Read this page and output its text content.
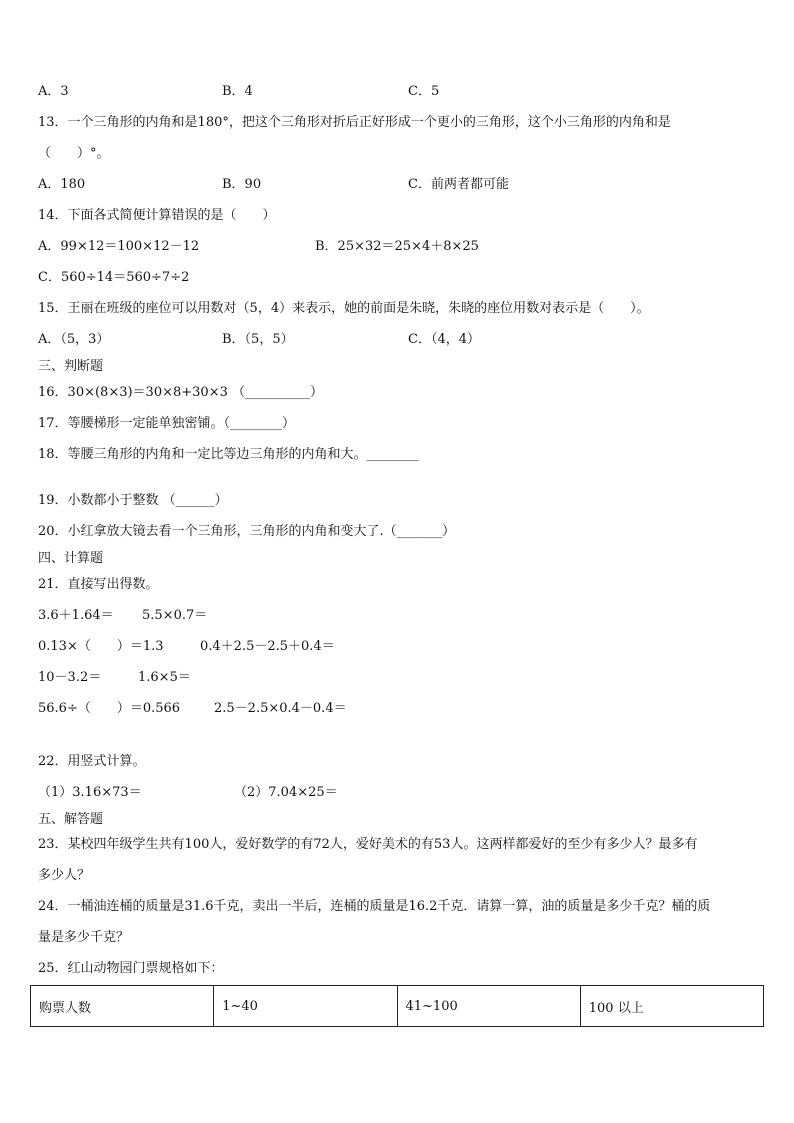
A．3	B．4	C．5
13．一个三角形的内角和是180°，把这个三角形对折后正好形成一个更小的三角形，这个小三角形的内角和是
（　　）°。
A．180	B．90	C．前两者都可能
14．下面各式简便计算错误的是（　　）
A．99×12＝100×12－12	B．25×32＝25×4＋8×25
C．560÷14＝560÷7÷2
15．王丽在班级的座位可以用数对（5，4）来表示，她的前面是朱晓，朱晓的座位用数对表示是（　　）。
A．（5，3）	B．（5，5）	C．（4，4）
三、判断题
16．30×(8×3)＝30×8+30×3 （__________）
17．等腰梯形一定能单独密铺。（________）
18．等腰三角形的内角和一定比等边三角形的内角和大。________
19．小数都小于整数 （______）
20．小红拿放大镜去看一个三角形，三角形的内角和变大了.（_______）
四、计算题
21．直接写出得数。
3.6＋1.64＝ 5.5×0.7＝
0.13×（　　）＝1.3	0.4＋2.5－2.5＋0.4＝
10－3.2＝	1.6×5＝
56.6÷（　　）＝0.566	2.5－2.5×0.4－0.4＝
22．用竖式计算。
（1）3.16×73＝	（2）7.04×25＝
五、解答题
23．某校四年级学生共有100人，爱好数学的有72人，爱好美术的有53人。这两样都爱好的至少有多少人？最多有
多少人？
24．一桶油连桶的质量是31.6千克，卖出一半后，连桶的质量是16.2千克．请算一算，油的质量是多少千克？桶的质
量是多少千克？
25．红山动物园门票规格如下：
购票人数	1~40	41~100	100 以上
